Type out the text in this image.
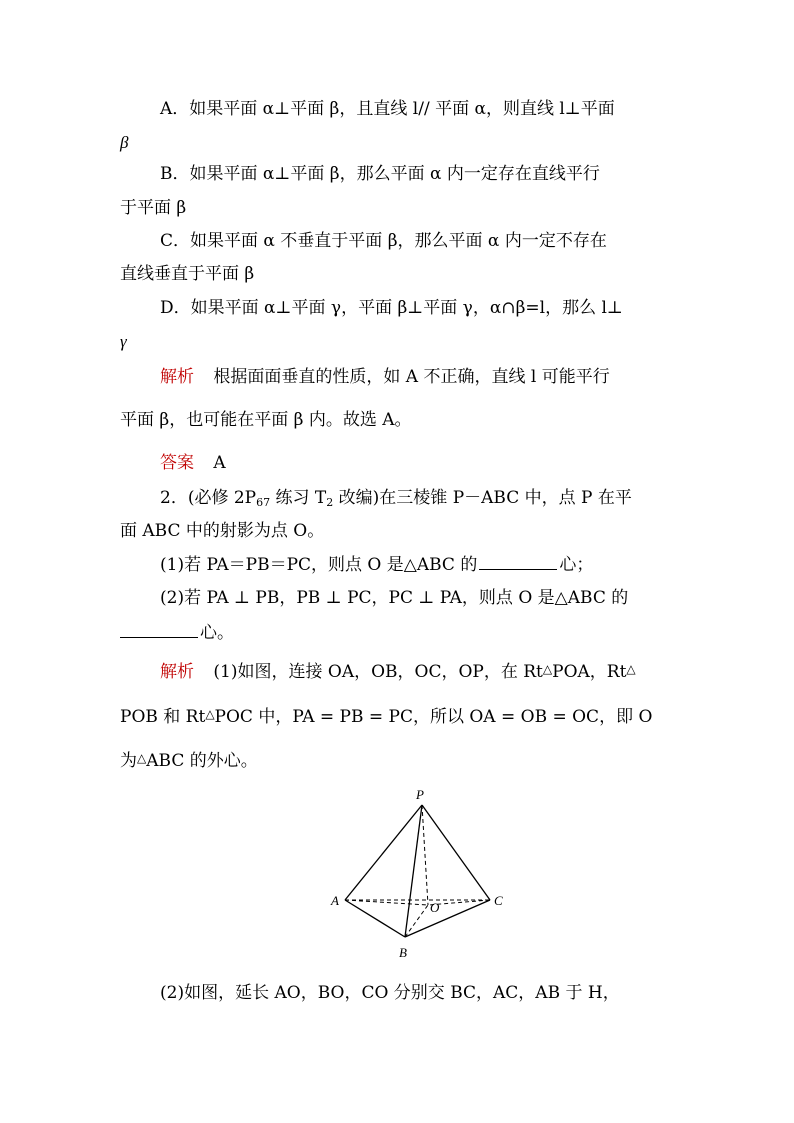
A．如果平面 α⊥平面 β，且直线 l// 平面 α，则直线 l⊥平面
β
B．如果平面 α⊥平面 β，那么平面 α 内一定存在直线平行
于平面 β
C．如果平面 α 不垂直于平面 β，那么平面 α 内一定不存在
直线垂直于平面 β
D．如果平面 α⊥平面 γ，平面 β⊥平面 γ，α∩β=l，那么 l⊥
γ
解析 根据面面垂直的性质，如 A 不正确，直线 l 可能平行
平面 β，也可能在平面 β 内。故选 A。
答案 A
2．(必修 $2P_{67}$ 练习 $T_2$ 改编)在三棱锥 P－ABC 中，点 P 在平
面 ABC 中的射影为点 O。
(1)若 PA＝PB＝PC，则点 O 是△ABC 的	心；
(2)若 PA ⊥ PB，PB ⊥ PC，PC ⊥ PA，则点 O 是△ABC 的
心。
解析 (1)如图，连接 OA，OB，OC，OP，在 Rt△POA，Rt△
POB 和 Rt△POC 中，PA = PB = PC，所以 OA = OB = OC，即 O
为△ABC 的外心。
P
A
B
C
O
(2)如图，延长 AO，BO，CO 分别交 BC，AC，AB 于 H，
